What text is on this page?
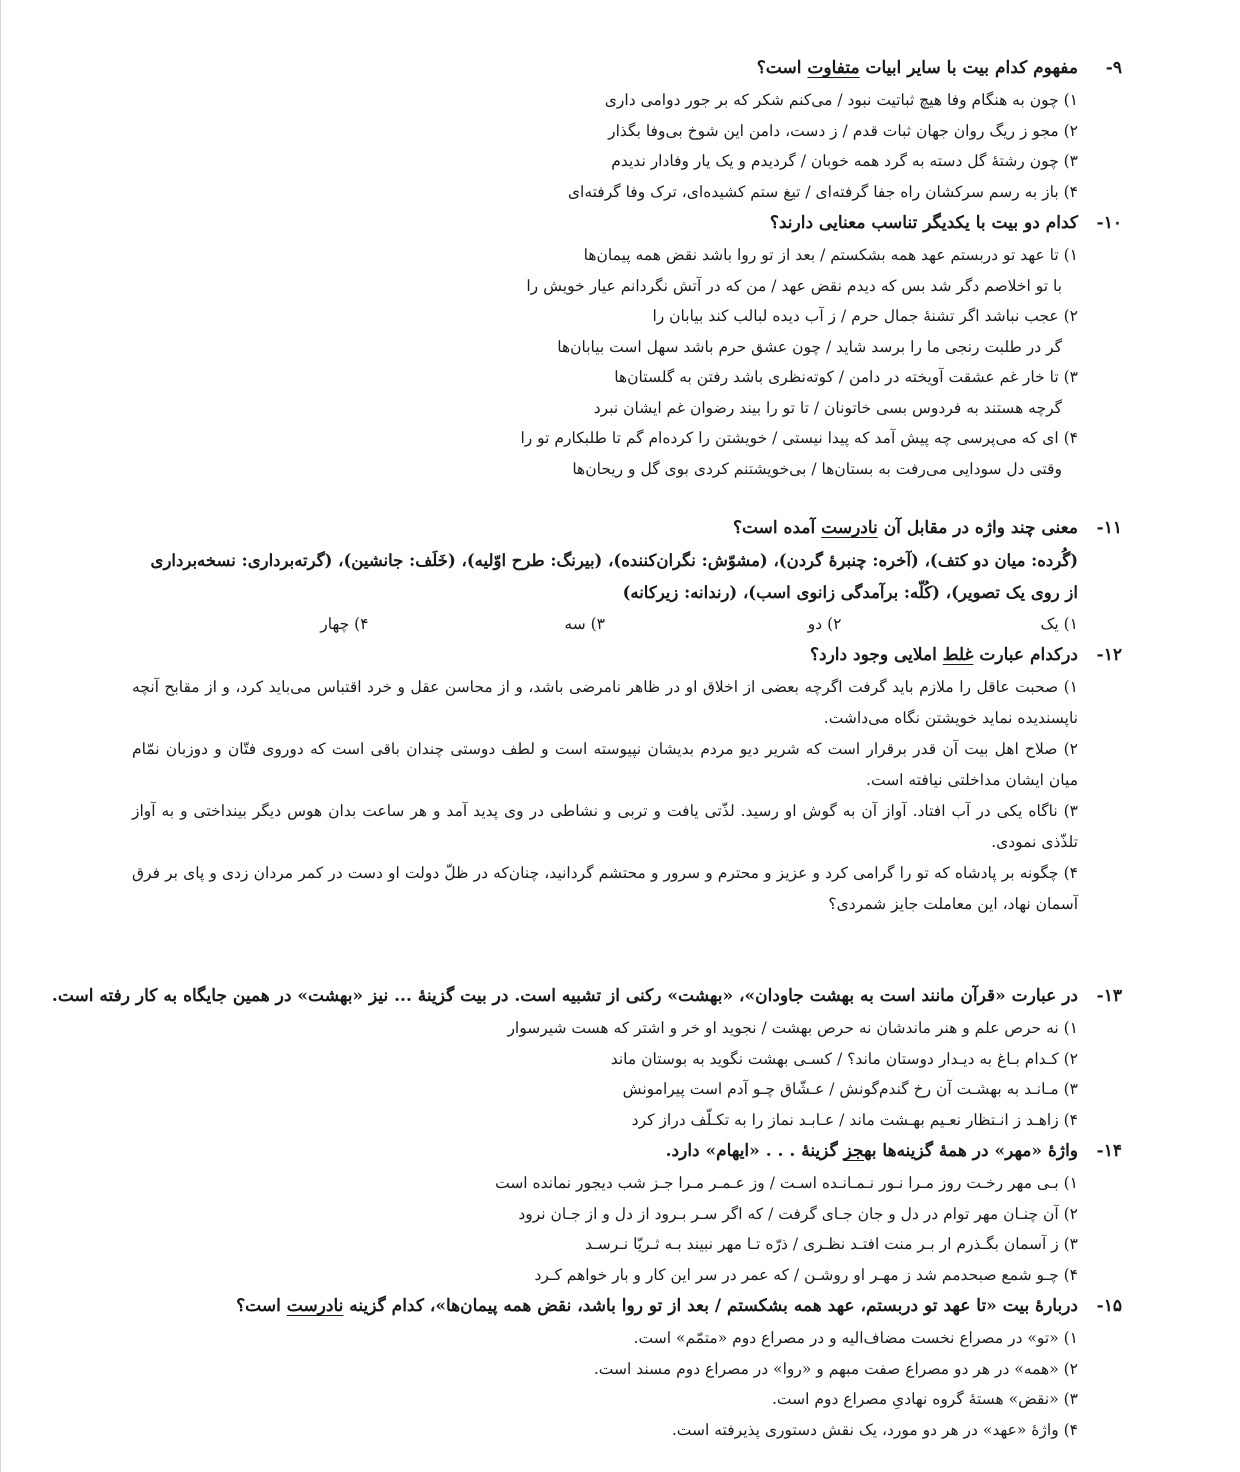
۹-
مفهوم کدام بیت با سایر ابیات متفاوت است؟
۱) چون به هنگام وفا هیچ ثباتیت نبود / می‌کنم شکر که بر جور دوامی داری
۲) مجو ز ریگ روان جهان ثبات قدم / ز دست، دامن این شوخ بی‌وفا بگذار
۳) چون رشتهٔ گل دسته به گرد همه خوبان / گردیدم و یک یار وفادار ندیدم
۴) باز به رسم سرکشان راه جفا گرفته‌ای / تیغ ستم کشیده‌ای، ترک وفا گرفته‌ای
۱۰-
کدام دو بیت با یکدیگر تناسب معنایی دارند؟
۱) تا عهد تو دربستم عهد همه بشکستم / بعد از تو روا باشد نقض همه پیمان‌ها
با تو اخلاصم دگر شد بس که دیدم نقض عهد / من که در آتش نگردانم عیار خویش را
۲) عجب نباشد اگر تشنهٔ جمال حرم / ز آب دیده لبالب کند بیابان را
گر در طلبت رنجی ما را برسد شاید / چون عشق حرم باشد سهل است بیابان‌ها
۳) تا خار غم عشقت آویخته در دامن / کوته‌نظری باشد رفتن به گلستان‌ها
گرچه هستند به فردوس بسی خاتونان / تا تو را بیند رضوان غم ایشان نبرد
۴) ای که می‌پرسی چه پیش آمد که پیدا نیستی / خویشتن را کرده‌ام گم تا طلبکارم تو را
وقتی دل سودایی می‌رفت به بستان‌ها / بی‌خویشتنم کردی بوی گل و ریحان‌ها
۱۱-
معنی چند واژه در مقابل آن نادرست آمده است؟
(گُرده: میان دو کتف)، (آخره: چنبرهٔ گردن)، (مشوّش: نگران‌کننده)، (بیرنگ: طرح اوّلیه)، (خَلَف: جانشین)، (گرته‌برداری: نسخه‌برداری
از روی یک تصویر)، (کُلّه: برآمدگی زانوی اسب)، (رندانه: زیرکانه)
۱) یک
۲) دو
۳) سه
۴) چهار
۱۲-
درکدام عبارت غلط املایی وجود دارد؟
۱) صحبت عاقل را ملازم باید گرفت اگرچه بعضی از اخلاق او در ظاهر نامرضی باشد، و از محاسن عقل و خرد اقتباس می‌باید کرد، و از مقابح آنچه ناپسندیده نماید خویشتن نگاه می‌داشت.
۲) صلاح اهل بیت آن قدر برقرار است که شریر دیو مردم بدیشان نپیوسته است و لطف دوستی چندان باقی است که دوروی فتّان و دوزبان نمّام میان ایشان مداخلتی نیافته است.
۳) ناگاه یکی در آب افتاد. آواز آن به گوش او رسید. لذّتی یافت و تربی و نشاطی در وی پدید آمد و هر ساعت بدان هوس دیگر بینداختی و به آواز تلذّذی نمودی.
۴) چگونه بر پادشاه که تو را گرامی کرد و عزیز و محترم و سرور و محتشم گردانید، چنان‌که در ظلّ دولت او دست در کمر مردان زدی و پای بر فرق آسمان نهاد، این معاملت جایز شمردی؟
۱۳-
در عبارت «قرآن مانند است به بهشت جاودان»، «بهشت» رکنی از تشبیه است. در بیت گزینهٔ ... نیز «بهشت» در همین جایگاه به کار رفته است.
۱) نه حرص علم و هنر ماندشان نه حرص بهشت / نجوید او خر و اشتر که هست شیرسوار
۲) کـدام بـاغ به دیـدار دوستان ماند؟ / کسـی بهشت نگوید به بوستان ماند
۳) مـانـد به بهشـت آن رخ گندم‌گونش / عـشّاق چـو آدم است پیرامونش
۴) زاهـد ز انـتظار نعـیم بهـشت ماند / عـابـد نماز را به تکـلّف دراز کرد
۱۴-
واژهٔ «مهر» در همهٔ گزینه‌ها بهجز گزینهٔ . . . «ایهام» دارد.
۱) بـی مهر رخـت روز مـرا نـور نـمـانـده اسـت / وز عـمـر مـرا جـز شب دیجور نمانده است
۲) آن چنـان مهر توام در دل و جان جـای گرفت / که اگر سـر بـرود از دل و از جـان نرود
۳) ز آسمان بگـذرم ار بـر منت افتـد نظـری / ذرّه تـا مهر نبیند بـه ثـریّا نـرسـد
۴) چـو شمع صبحدمم شد ز مهـر او روشـن / که عمر در سر این کار و بار خواهم کـرد
۱۵-
دربارهٔ بیت «تا عهد تو دربستم، عهد همه بشکستم / بعد از تو روا باشد، نقض همه پیمان‌ها»، کدام گزینه نادرست است؟
۱) «تو» در مصراع نخست مضاف‌الیه و در مصراع دوم «متمّم» است.
۲) «همه» در هر دو مصراع صفت مبهم و «روا» در مصراع دوم مسند است.
۳) «نقض» هستهٔ گروه نهادیِ مصراع دوم است.
۴) واژهٔ «عهد» در هر دو مورد، یک نقش دستوری پذیرفته است.
